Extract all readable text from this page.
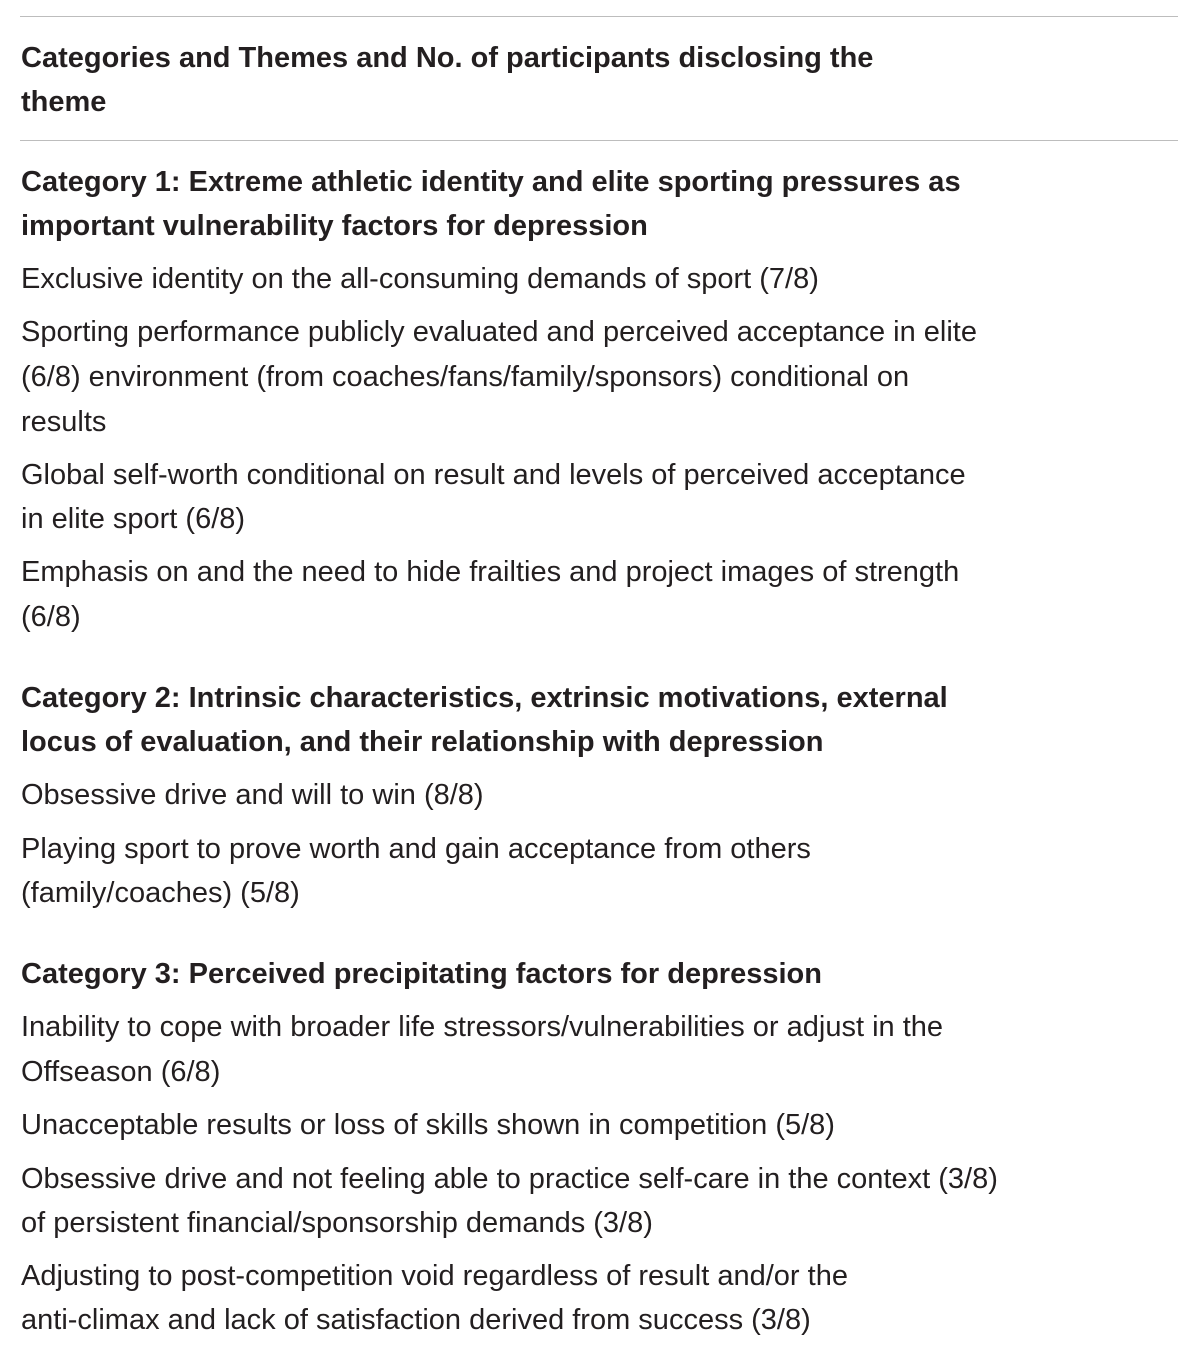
Categories and Themes and No. of participants disclosing the
theme
Category 1: Extreme athletic identity and elite sporting pressures as
important vulnerability factors for depression
Exclusive identity on the all-consuming demands of sport (7/8)
Sporting performance publicly evaluated and perceived acceptance in elite
(6/8) environment (from coaches/fans/family/sponsors) conditional on
results
Global self-worth conditional on result and levels of perceived acceptance
in elite sport (6/8)
Emphasis on and the need to hide frailties and project images of strength
(6/8)
Category 2: Intrinsic characteristics, extrinsic motivations, external
locus of evaluation, and their relationship with depression
Obsessive drive and will to win (8/8)
Playing sport to prove worth and gain acceptance from others
(family/coaches) (5/8)
Category 3: Perceived precipitating factors for depression
Inability to cope with broader life stressors/vulnerabilities or adjust in the
Offseason (6/8)
Unacceptable results or loss of skills shown in competition (5/8)
Obsessive drive and not feeling able to practice self-care in the context (3/8)
of persistent financial/sponsorship demands (3/8)
Adjusting to post-competition void regardless of result and/or the
anti-climax and lack of satisfaction derived from success (3/8)
